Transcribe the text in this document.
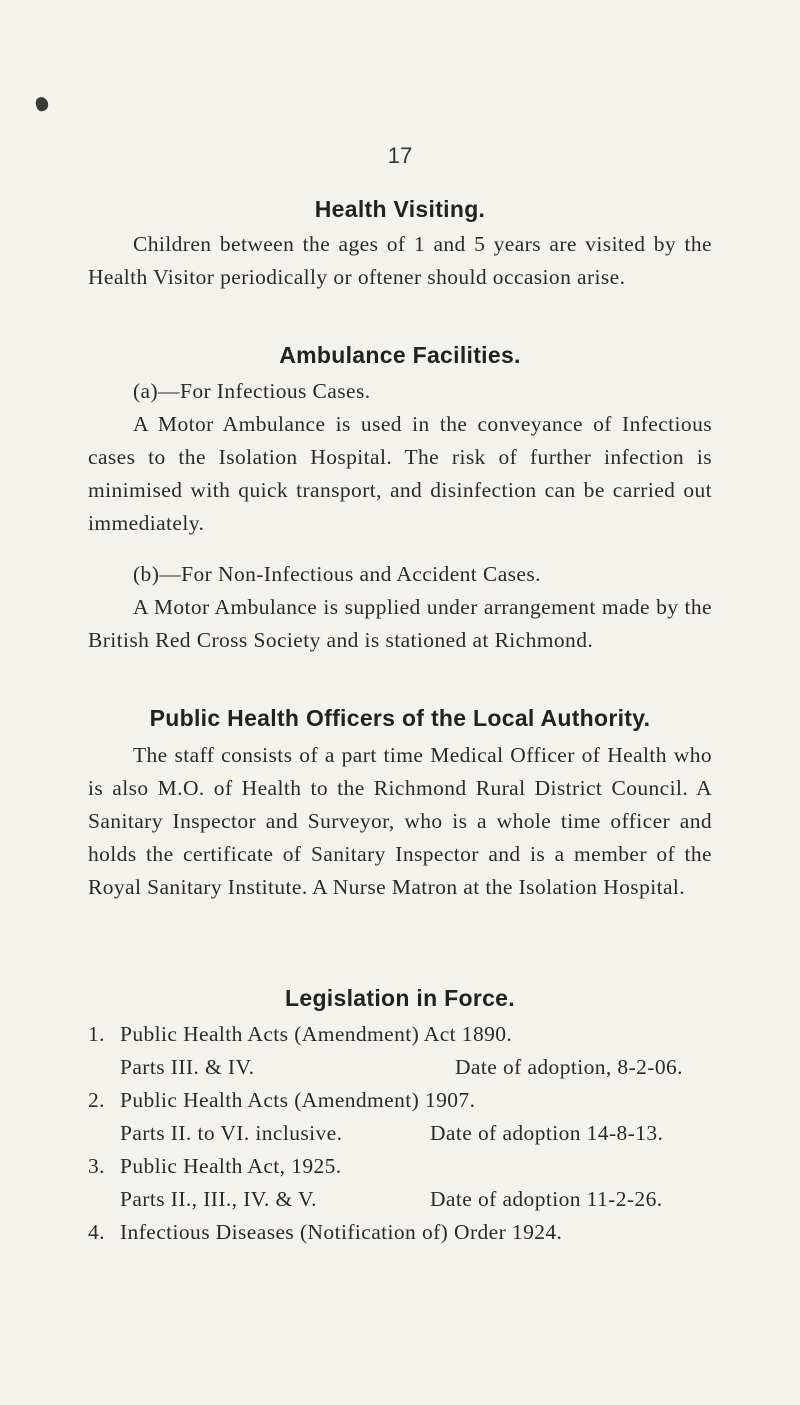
17
Health Visiting.
Children between the ages of 1 and 5 years are visited by the Health Visitor periodically or oftener should occasion arise.
Ambulance Facilities.
(a)—For Infectious Cases.
A Motor Ambulance is used in the conveyance of Infectious cases to the Isolation Hospital. The risk of further infection is minimised with quick transport, and disinfection can be carried out immediately.
(b)—For Non-Infectious and Accident Cases.
A Motor Ambulance is supplied under arrangement made by the British Red Cross Society and is stationed at Richmond.
Public Health Officers of the Local Authority.
The staff consists of a part time Medical Officer of Health who is also M.O. of Health to the Richmond Rural District Council. A Sanitary Inspector and Surveyor, who is a whole time officer and holds the certificate of Sanitary Inspector and is a member of the Royal Sanitary Institute. A Nurse Matron at the Isolation Hospital.
Legislation in Force.
1. Public Health Acts (Amendment) Act 1890.
Parts III. & IV.	Date of adoption, 8-2-06.
2. Public Health Acts (Amendment) 1907.
Parts II. to VI. inclusive.	Date of adoption 14-8-13.
3. Public Health Act, 1925.
Parts II., III., IV. & V.	Date of adoption 11-2-26.
4. Infectious Diseases (Notification of) Order 1924.
